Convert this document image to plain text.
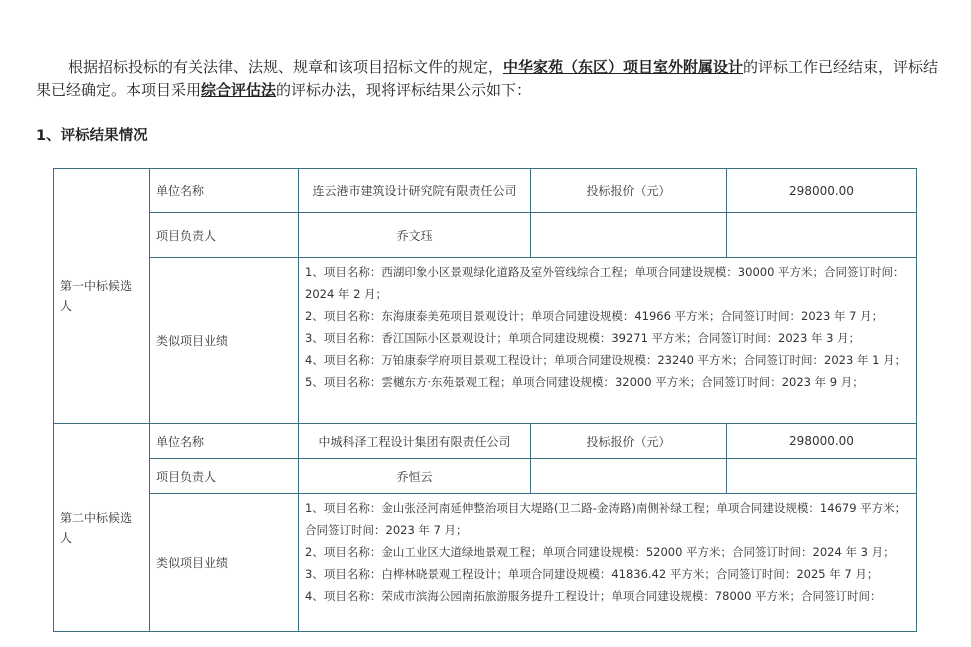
根据招标投标的有关法律、法规、规章和该项目招标文件的规定，中华家苑（东区）项目室外附属设计的评标工作已经结束，评标结果已经确定。本项目采用综合评估法的评标办法，现将评标结果公示如下：

1、评标结果情况
第一中标候选人	单位名称	连云港市建筑设计研究院有限责任公司	投标报价（元）	298000.00
	项目负责人	乔文珏		
	类似项目业绩	1、项目名称：西湖印象小区景观绿化道路及室外管线综合工程；单项合同建设规模：30000 平方米；合同签订时间：2024 年 2 月；
2、项目名称：东海康泰美苑项目景观设计；单项合同建设规模：41966 平方米；合同签订时间：2023 年 7 月；
3、项目名称：香江国际小区景观设计；单项合同建设规模：39271 平方米；合同签订时间：2023 年 3 月；
4、项目名称：万铂康泰学府项目景观工程设计；单项合同建设规模：23240 平方米；合同签订时间：2023 年 1 月；
5、项目名称：雲樾东方·东苑景观工程；单项合同建设规模：32000 平方米；合同签订时间：2023 年 9 月；		

第二中标候选人	单位名称	中城科泽工程设计集团有限责任公司	投标报价（元）	298000.00
	项目负责人	乔恒云		
	类似项目业绩	1、项目名称：金山张泾河南延伸整治项目大堤路(卫二路-金涛路)南侧补绿工程；单项合同建设规模：14679 平方米；合同签订时间：2023 年 7 月；
2、项目名称：金山工业区大道绿地景观工程；单项合同建设规模：52000 平方米；合同签订时间：2024 年 3 月；
3、项目名称：白桦林晓景观工程设计；单项合同建设规模：41836.42 平方米；合同签订时间：2025 年 7 月；
4、项目名称：荣成市滨海公园南拓旅游服务提升工程设计；单项合同建设规模：78000 平方米；合同签订时间：		
